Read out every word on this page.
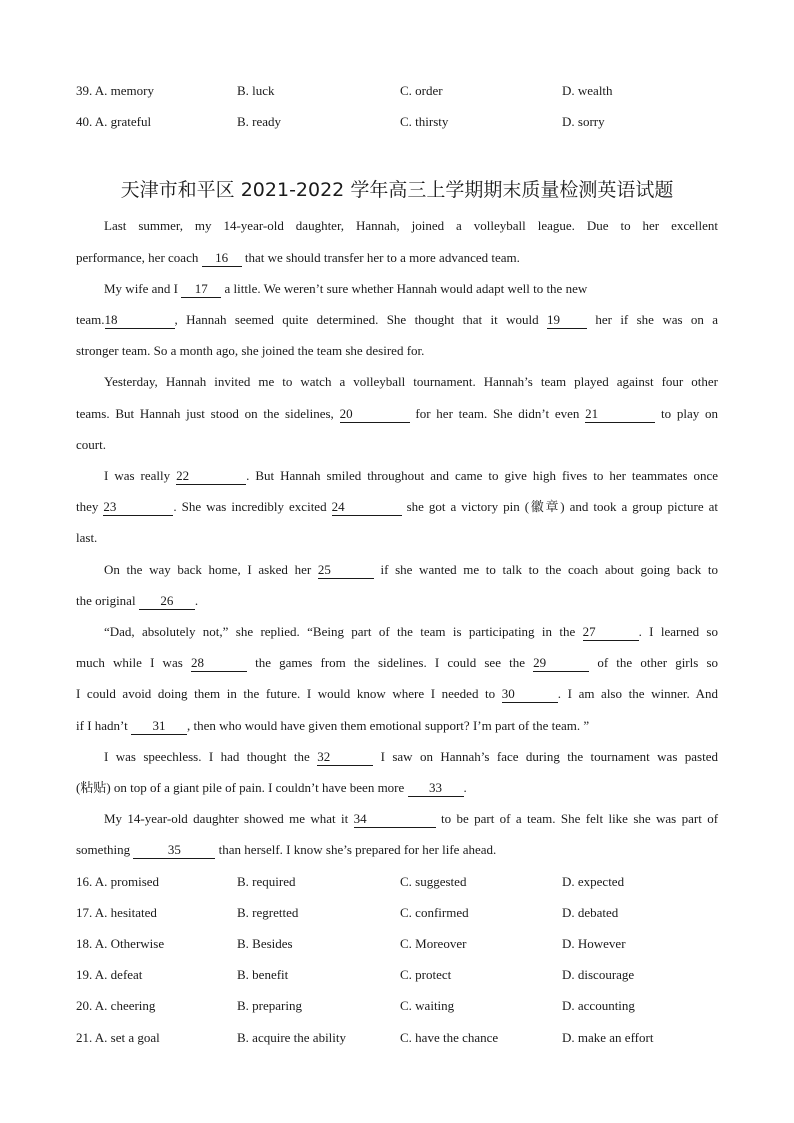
39. A. memory	B. luck	C. order	D. wealth
40. A. grateful	B. ready	C. thirsty	D. sorry
天津市和平区 2021-2022 学年高三上学期期末质量检测英语试题
Last summer, my 14-year-old daughter, Hannah, joined a volleyball league. Due to her excellent
performance, her coach 16 that we should transfer her to a more advanced team.
My wife and I 17 a little. We weren’t sure whether Hannah would adapt well to the new
team.18	, Hannah seemed quite determined. She thought that it would 19	her if she was on a
stronger team. So a month ago, she joined the team she desired for.
Yesterday, Hannah invited me to watch a volleyball tournament. Hannah’s team played against four other
teams. But Hannah just stood on the sidelines, 20	for her team. She didn’t even 21	to play on
court.
I was really 22	. But Hannah smiled throughout and came to give high fives to her teammates once
they 23	. She was incredibly excited 24	she got a victory pin (徽章) and took a group picture at
last.
On the way back home, I asked her 25	if she wanted me to talk to the coach about going back to
the original 26 .
“Dad, absolutely not,” she replied. “Being part of the team is participating in the 27	. I learned so
much while I was 28	the games from the sidelines. I could see the 29	of the other girls so
I could avoid doing them in the future. I would know where I needed to 30	. I am also the winner. And
if I hadn’t 31 , then who would have given them emotional support? I’m part of the team. ”
I was speechless. I had thought the 32	I saw on Hannah’s face during the tournament was pasted
(粘贴) on top of a giant pile of pain. I couldn’t have been more 33 .
My 14-year-old daughter showed me what it 34	to be part of a team. She felt like she was part of
something	35	than herself. I know she’s prepared for her life ahead.
16. A. promised	B. required	C. suggested	D. expected
17. A. hesitated	B. regretted	C. confirmed	D. debated
18. A. Otherwise	B. Besides	C. Moreover	D. However
19. A. defeat	B. benefit	C. protect	D. discourage
20. A. cheering	B. preparing	C. waiting	D. accounting
21. A. set a goal	B. acquire the ability	C. have the chance	D. make an effort
